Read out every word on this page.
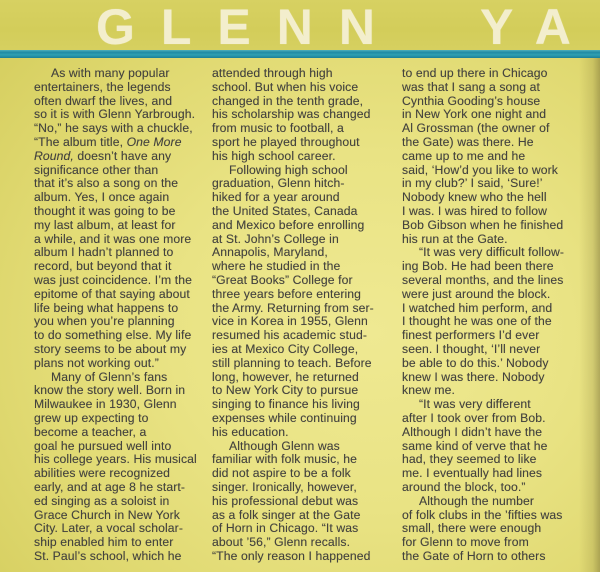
GLENN YA
As with many popular
entertainers, the legends
often dwarf the lives, and
so it is with Glenn Yarbrough.
“No,” he says with a chuckle,
“The album title, One More
Round, doesn’t have any
significance other than
that it’s also a song on the
album. Yes, I once again
thought it was going to be
my last album, at least for
a while, and it was one more
album I hadn’t planned to
record, but beyond that it
was just coincidence. I’m the
epitome of that saying about
life being what happens to
you when you’re planning
to do something else. My life
story seems to be about my
plans not working out.”
Many of Glenn’s fans
know the story well. Born in
Milwaukee in 1930, Glenn
grew up expecting to
become a teacher, a
goal he pursued well into
his college years. His musical
abilities were recognized
early, and at age 8 he start-
ed singing as a soloist in
Grace Church in New York
City. Later, a vocal scholar-
ship enabled him to enter
St. Paul’s school, which he
attended through high
school. But when his voice
changed in the tenth grade,
his scholarship was changed
from music to football, a
sport he played throughout
his high school career.
Following high school
graduation, Glenn hitch-
hiked for a year around
the United States, Canada
and Mexico before enrolling
at St. John’s College in
Annapolis, Maryland,
where he studied in the
“Great Books” College for
three years before entering
the Army. Returning from ser-
vice in Korea in 1955, Glenn
resumed his academic stud-
ies at Mexico City College,
still planning to teach. Before
long, however, he returned
to New York City to pursue
singing to finance his living
expenses while continuing
his education.
Although Glenn was
familiar with folk music, he
did not aspire to be a folk
singer. Ironically, however,
his professional debut was
as a folk singer at the Gate
of Horn in Chicago. “It was
about ’56,” Glenn recalls.
“The only reason I happened
to end up there in Chicago
was that I sang a song at
Cynthia Gooding’s house
in New York one night and
Al Grossman (the owner of
the Gate) was there. He
came up to me and he
said, ‘How’d you like to work
in my club?’ I said, ‘Sure!’
Nobody knew who the hell
I was. I was hired to follow
Bob Gibson when he finished
his run at the Gate.
“It was very difficult follow-
ing Bob. He had been there
several months, and the lines
were just around the block.
I watched him perform, and
I thought he was one of the
finest performers I’d ever
seen. I thought, ‘I’ll never
be able to do this.’ Nobody
knew I was there. Nobody
knew me.
“It was very different
after I took over from Bob.
Although I didn’t have the
same kind of verve that he
had, they seemed to like
me. I eventually had lines
around the block, too.”
Although the number
of folk clubs in the ’fifties was
small, there were enough
for Glenn to move from
the Gate of Horn to others
